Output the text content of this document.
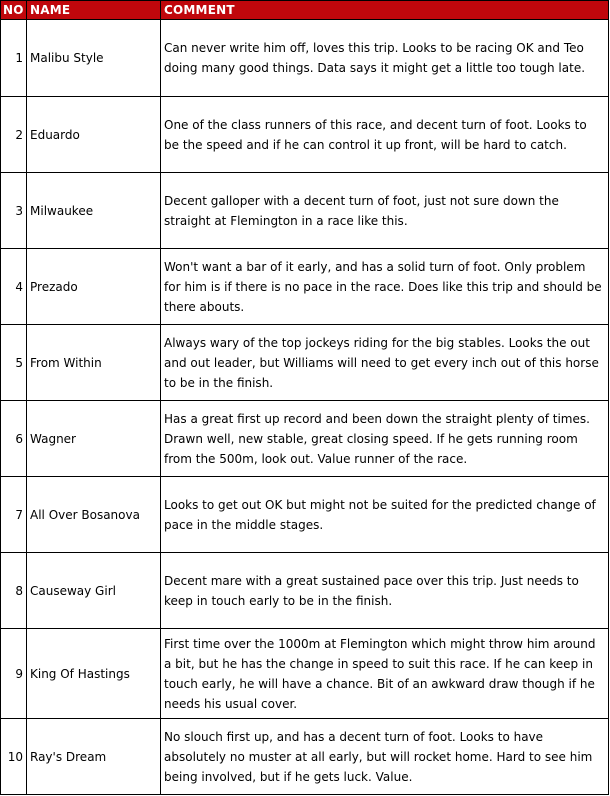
NO	NAME	COMMENT
1	Malibu Style	Can never write him off, loves this trip. Looks to be racing OK and Teo doing many good things. Data says it might get a little too tough late.
2	Eduardo	One of the class runners of this race, and decent turn of foot. Looks to be the speed and if he can control it up front, will be hard to catch.
3	Milwaukee	Decent galloper with a decent turn of foot, just not sure down the straight at Flemington in a race like this.
4	Prezado	Won't want a bar of it early, and has a solid turn of foot. Only problem for him is if there is no pace in the race. Does like this trip and should be there abouts.
5	From Within	Always wary of the top jockeys riding for the big stables. Looks the out and out leader, but Williams will need to get every inch out of this horse to be in the finish.
6	Wagner	Has a great first up record and been down the straight plenty of times. Drawn well, new stable, great closing speed. If he gets running room from the 500m, look out. Value runner of the race.
7	All Over Bosanova	Looks to get out OK but might not be suited for the predicted change of pace in the middle stages.
8	Causeway Girl	Decent mare with a great sustained pace over this trip. Just needs to keep in touch early to be in the finish.
9	King Of Hastings	First time over the 1000m at Flemington which might throw him around a bit, but he has the change in speed to suit this race. If he can keep in touch early, he will have a chance. Bit of an awkward draw though if he needs his usual cover.
10	Ray's Dream	No slouch first up, and has a decent turn of foot. Looks to have absolutely no muster at all early, but will rocket home. Hard to see him being involved, but if he gets luck. Value.
